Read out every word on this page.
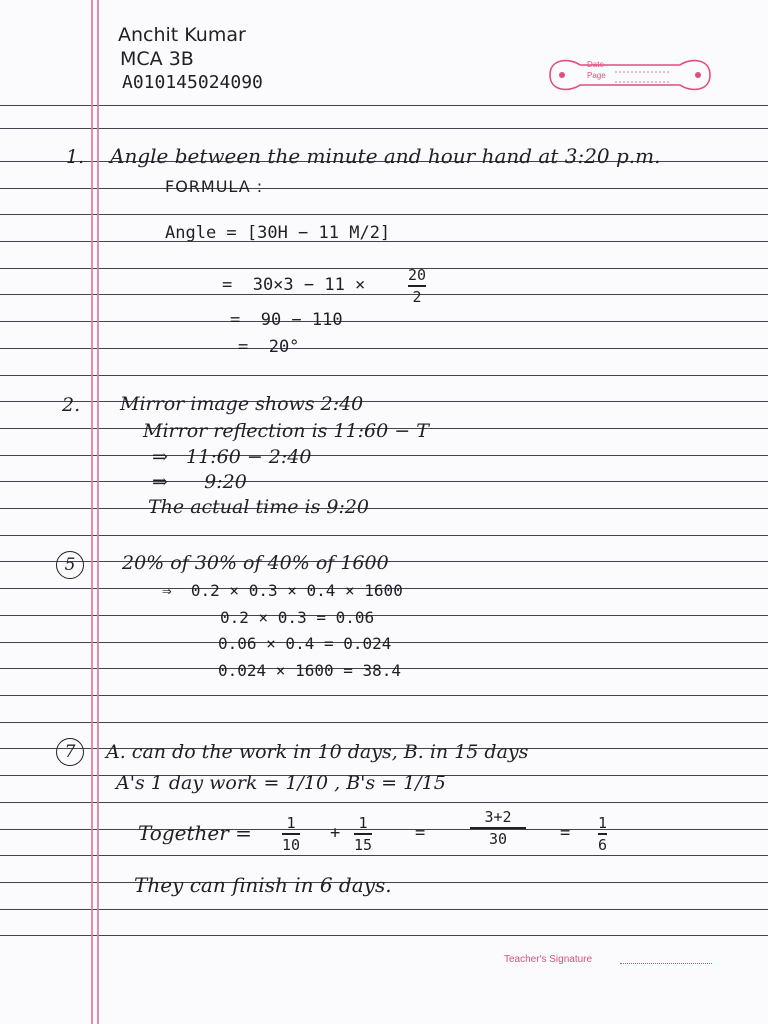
Date
Page
Anchit Kumar
MCA 3B
A010145024090
1. Angle between the minute and hour hand at 3:20 p.m.
FORMULA :
Angle = [30H − 11 M/2]
=  30×3 − 11 ×	20
2
=  90 − 110
=  20°
2. Mirror image shows 2:40
Mirror reflection is 11:60 − T
⇒   11:60 − 2:40
⇒      9:20
The actual time is 9:20
5	20% of 30% of 40% of 1600
⇒  0.2 × 0.3 × 0.4 × 1600
0.2 × 0.3 = 0.06
0.06 × 0.4 = 0.024
0.024 × 1600 = 38.4
7	A. can do the work in 10 days, B. in 15 days
A's 1 day work = 1/10 , B's = 1/15
Together = 1
10
+ 1
15
=
3+2
30	= 1
6
They can finish in 6 days.
Teacher's Signature
